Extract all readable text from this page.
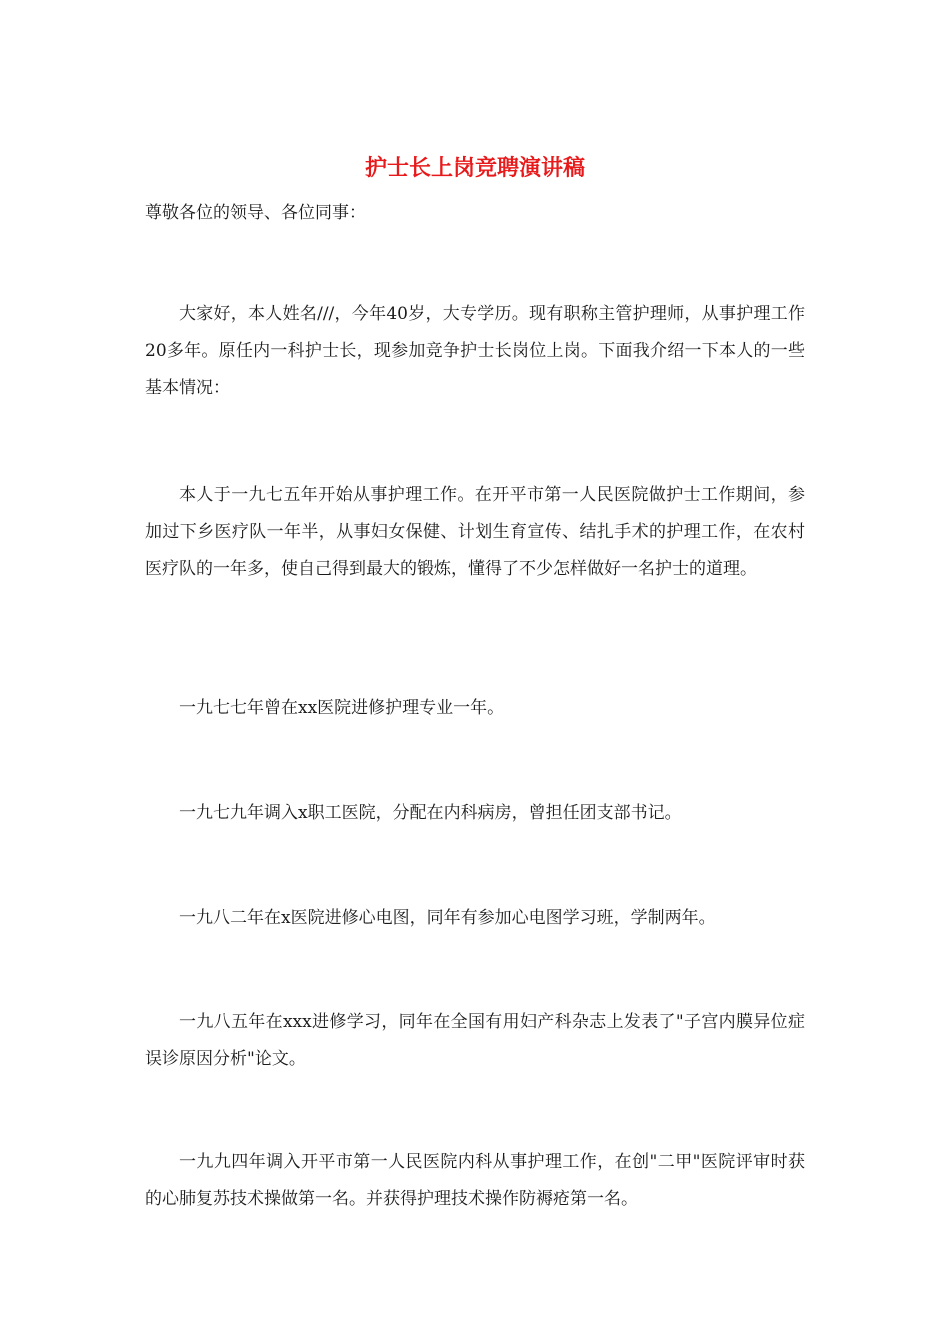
护士长上岗竞聘演讲稿

尊敬各位的领导、各位同事：

大家好，本人姓名///，今年40岁，大专学历。现有职称主管护理师，从事护理工作20多年。原任内一科护士长，现参加竞争护士长岗位上岗。下面我介绍一下本人的一些基本情况：

本人于一九七五年开始从事护理工作。在开平市第一人民医院做护士工作期间，参加过下乡医疗队一年半，从事妇女保健、计划生育宣传、结扎手术的护理工作，在农村医疗队的一年多，使自己得到最大的锻炼，懂得了不少怎样做好一名护士的道理。

一九七七年曾在xx医院进修护理专业一年。

一九七九年调入x职工医院，分配在内科病房，曾担任团支部书记。

一九八二年在x医院进修心电图，同年有参加心电图学习班，学制两年。

一九八五年在xxx进修学习，同年在全国有用妇产科杂志上发表了"子宫内膜异位症误诊原因分析"论文。

一九九四年调入开平市第一人民医院内科从事护理工作，在创"二甲"医院评审时获的心肺复苏技术操做第一名。并获得护理技术操作防褥疮第一名。
